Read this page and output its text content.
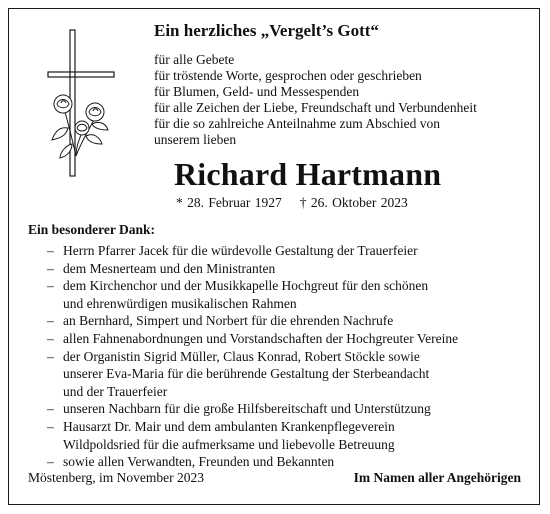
Ein herzliches „Vergelt’s Gott“
für alle Gebete
für tröstende Worte, gesprochen oder geschrieben
für Blumen, Geld- und Messespenden
für alle Zeichen der Liebe, Freundschaft und Verbundenheit
für die so zahlreiche Anteilnahme zum Abschied von
unserem lieben
Richard Hartmann
* 28. Februar 1927 † 26. Oktober 2023
Ein besonderer Dank:
– Herrn Pfarrer Jacek für die würdevolle Gestaltung der Trauerfeier
– dem Mesnerteam und den Ministranten
– dem Kirchenchor und der Musikkapelle Hochgreut für den schönen
und ehrenwürdigen musikalischen Rahmen
– an Bernhard, Simpert und Norbert für die ehrenden Nachrufe
– allen Fahnenabordnungen und Vorstandschaften der Hochgreuter Vereine
– der Organistin Sigrid Müller, Claus Konrad, Robert Stöckle sowie
unserer Eva-Maria für die berührende Gestaltung der Sterbeandacht
und der Trauerfeier
– unseren Nachbarn für die große Hilfsbereitschaft und Unterstützung
– Hausarzt Dr. Mair und dem ambulanten Krankenpflegeverein
Wildpoldsried für die aufmerksame und liebevolle Betreuung
– sowie allen Verwandten, Freunden und Bekannten
Möstenberg, im November 2023	Im Namen aller Angehörigen
